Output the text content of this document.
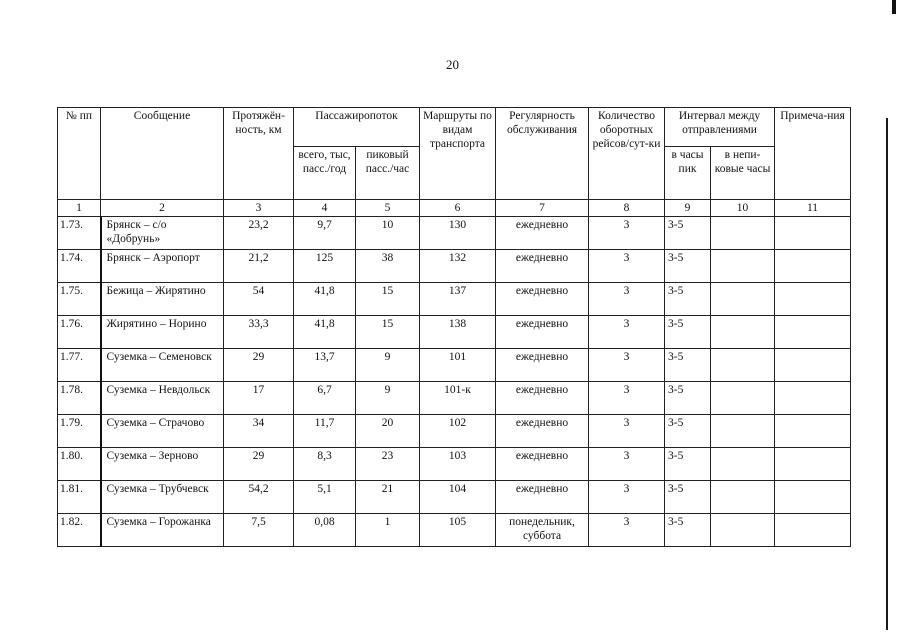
20
№ пп	Сообщение	Протяжён-ность, км	Пассажиропоток		Маршруты по видам транспорта	Регулярность обслуживания	Количество оборотных рейсов/сут-ки	Интервал между отправлениями		Примеча-ния
			всего, тыс, пасс./год	пиковый пасс./час				в часы пик	в непи-ковые часы	
1	2	3	4	5	6	7	8	9	10	11
1.73.	Брянск – с/о «Добрунь»	23,2	9,7	10	130	ежедневно	3	3-5		
1.74.	Брянск – Аэропорт	21,2	125	38	132	ежедневно	3	3-5		
1.75.	Бежица – Жирятино	54	41,8	15	137	ежедневно	3	3-5		
1.76.	Жирятино – Норино	33,3	41,8	15	138	ежедневно	3	3-5		
1.77.	Суземка – Семеновск	29	13,7	9	101	ежедневно	3	3-5		
1.78.	Суземка – Невдольск	17	6,7	9	101-к	ежедневно	3	3-5		
1.79.	Суземка – Страчово	34	11,7	20	102	ежедневно	3	3-5		
1.80.	Суземка – Зерново	29	8,3	23	103	ежедневно	3	3-5		
1.81.	Суземка – Трубчевск	54,2	5,1	21	104	ежедневно	3	3-5		
1.82.	Суземка – Горожанка	7,5	0,08	1	105	понедельник, суббота	3	3-5		
